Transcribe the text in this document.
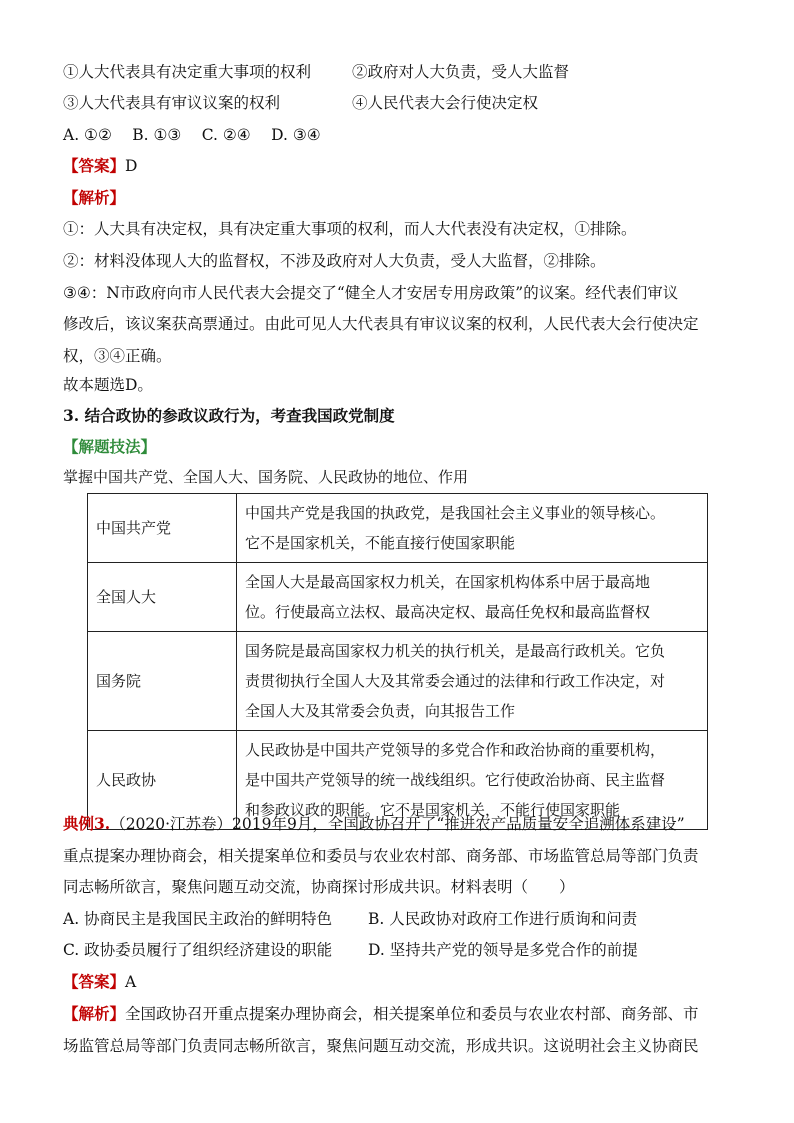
①人大代表具有决定重大事项的权利	②政府对人大负责，受人大监督
③人大代表具有审议议案的权利	④人民代表大会行使决定权
A. ①②　 B. ①③　 C. ②④　 D. ③④
【答案】D
【解析】
①：人大具有决定权，具有决定重大事项的权利，而人大代表没有决定权，①排除。
②：材料没体现人大的监督权，不涉及政府对人大负责，受人大监督，②排除。
③④：N市政府向市人民代表大会提交了“健全人才安居专用房政策”的议案。经代表们审议
修改后，该议案获高票通过。由此可见人大代表具有审议议案的权利，人民代表大会行使决定
权，③④正确。
故本题选D。
3. 结合政协的参政议政行为，考查我国政党制度
【解题技法】
掌握中国共产党、全国人大、国务院、人民政协的地位、作用
中国共产党	中国共产党是我国的执政党，是我国社会主义事业的领导核心。
它不是国家机关，不能直接行使国家职能

全国人大	全国人大是最高国家权力机关，在国家机构体系中居于最高地
位。行使最高立法权、最高决定权、最高任免权和最高监督权

国务院	国务院是最高国家权力机关的执行机关，是最高行政机关。它负
责贯彻执行全国人大及其常委会通过的法律和行政工作决定，对
全国人大及其常委会负责，向其报告工作

人民政协	人民政协是中国共产党领导的多党合作和政治协商的重要机构，
是中国共产党领导的统一战线组织。它行使政治协商、民主监督
和参政议政的职能。它不是国家机关，不能行使国家职能
典例3.（2020·江苏卷）2019年9月，全国政协召开了“推进农产品质量安全追溯体系建设”
重点提案办理协商会，相关提案单位和委员与农业农村部、商务部、市场监管总局等部门负责
同志畅所欲言，聚焦问题互动交流，协商探讨形成共识。材料表明（　　）
A. 协商民主是我国民主政治的鲜明特色 B. 人民政协对政府工作进行质询和问责
C. 政协委员履行了组织经济建设的职能 D. 坚持共产党的领导是多党合作的前提
【答案】A
【解析】全国政协召开重点提案办理协商会，相关提案单位和委员与农业农村部、商务部、市
场监管总局等部门负责同志畅所欲言，聚焦问题互动交流，形成共识。这说明社会主义协商民
